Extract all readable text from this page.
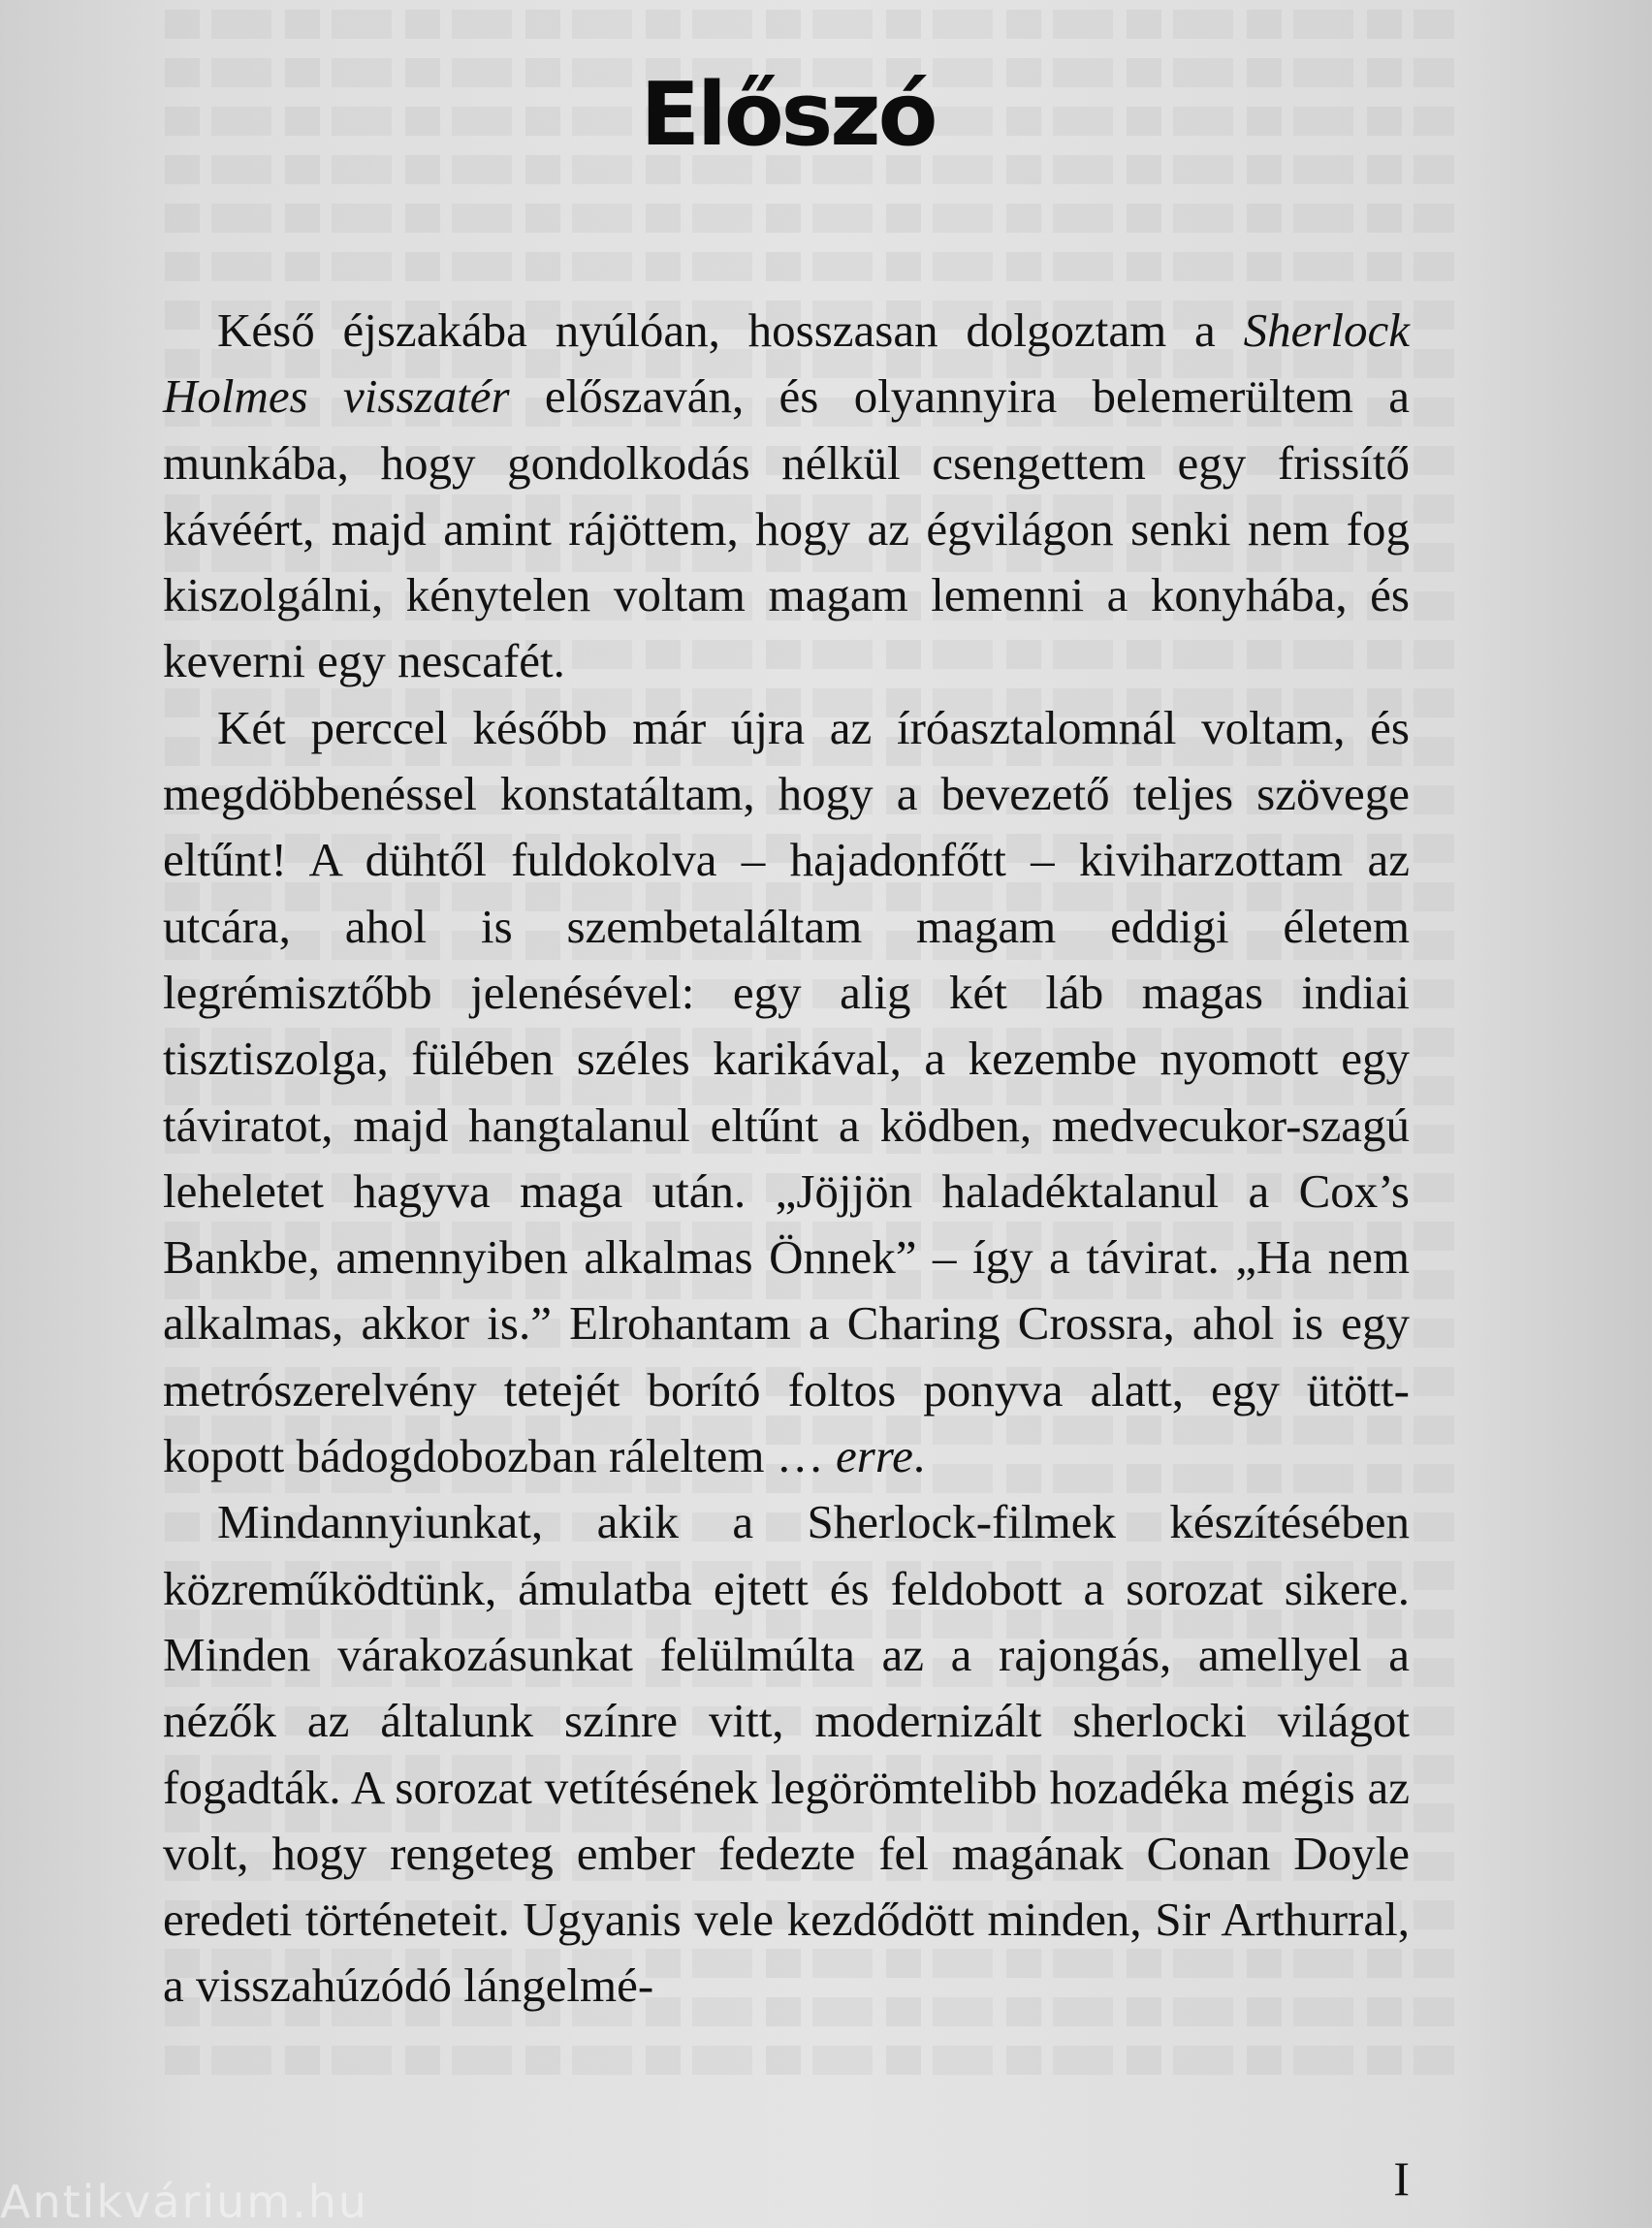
Előszó

Késő éjszakába nyúlóan, hosszasan dolgoztam a Sherlock Holmes visszatér előszaván, és olyannyira belemerültem a munkába, hogy gondolkodás nélkül csengettem egy frissítő kávéért, majd amint rájöttem, hogy az égvilágon senki nem fog kiszolgálni, kénytelen voltam magam lemenni a konyhába, és keverni egy nescafét.

Két perccel később már újra az íróasztalomnál voltam, és megdöbbenéssel konstatáltam, hogy a bevezető teljes szövege eltűnt! A dühtől fuldokolva – hajadonfőtt – kiviharzottam az utcára, ahol is szembetaláltam magam eddigi életem legrémisztőbb jelenésével: egy alig két láb magas indiai tisztiszolga, fülében széles karikával, a kezembe nyomott egy táviratot, majd hangtalanul eltűnt a ködben, medvecukor-szagú leheletet hagyva maga után. „Jöjjön haladéktalanul a Cox’s Bankbe, amennyiben alkalmas Önnek” – így a távirat. „Ha nem alkalmas, akkor is.” Elrohantam a Charing Crossra, ahol is egy metrószerelvény tetejét borító foltos ponyva alatt, egy ütött-kopott bádogdobozban ráleltem … erre.

Mindannyiunkat, akik a Sherlock-filmek készítésében közreműködtünk, ámulatba ejtett és feldobott a sorozat sikere. Minden várakozásunkat felülmúlta az a rajongás, amellyel a nézők az általunk színre vitt, modernizált sherlocki világot fogadták. A sorozat vetítésének legörömtelibb hozadéka mégis az volt, hogy rengeteg ember fedezte fel magának Conan Doyle eredeti történeteit. Ugyanis vele kezdődött minden, Sir Arthurral, a visszahúzódó lángelmé-

I
Antikvárium.hu
